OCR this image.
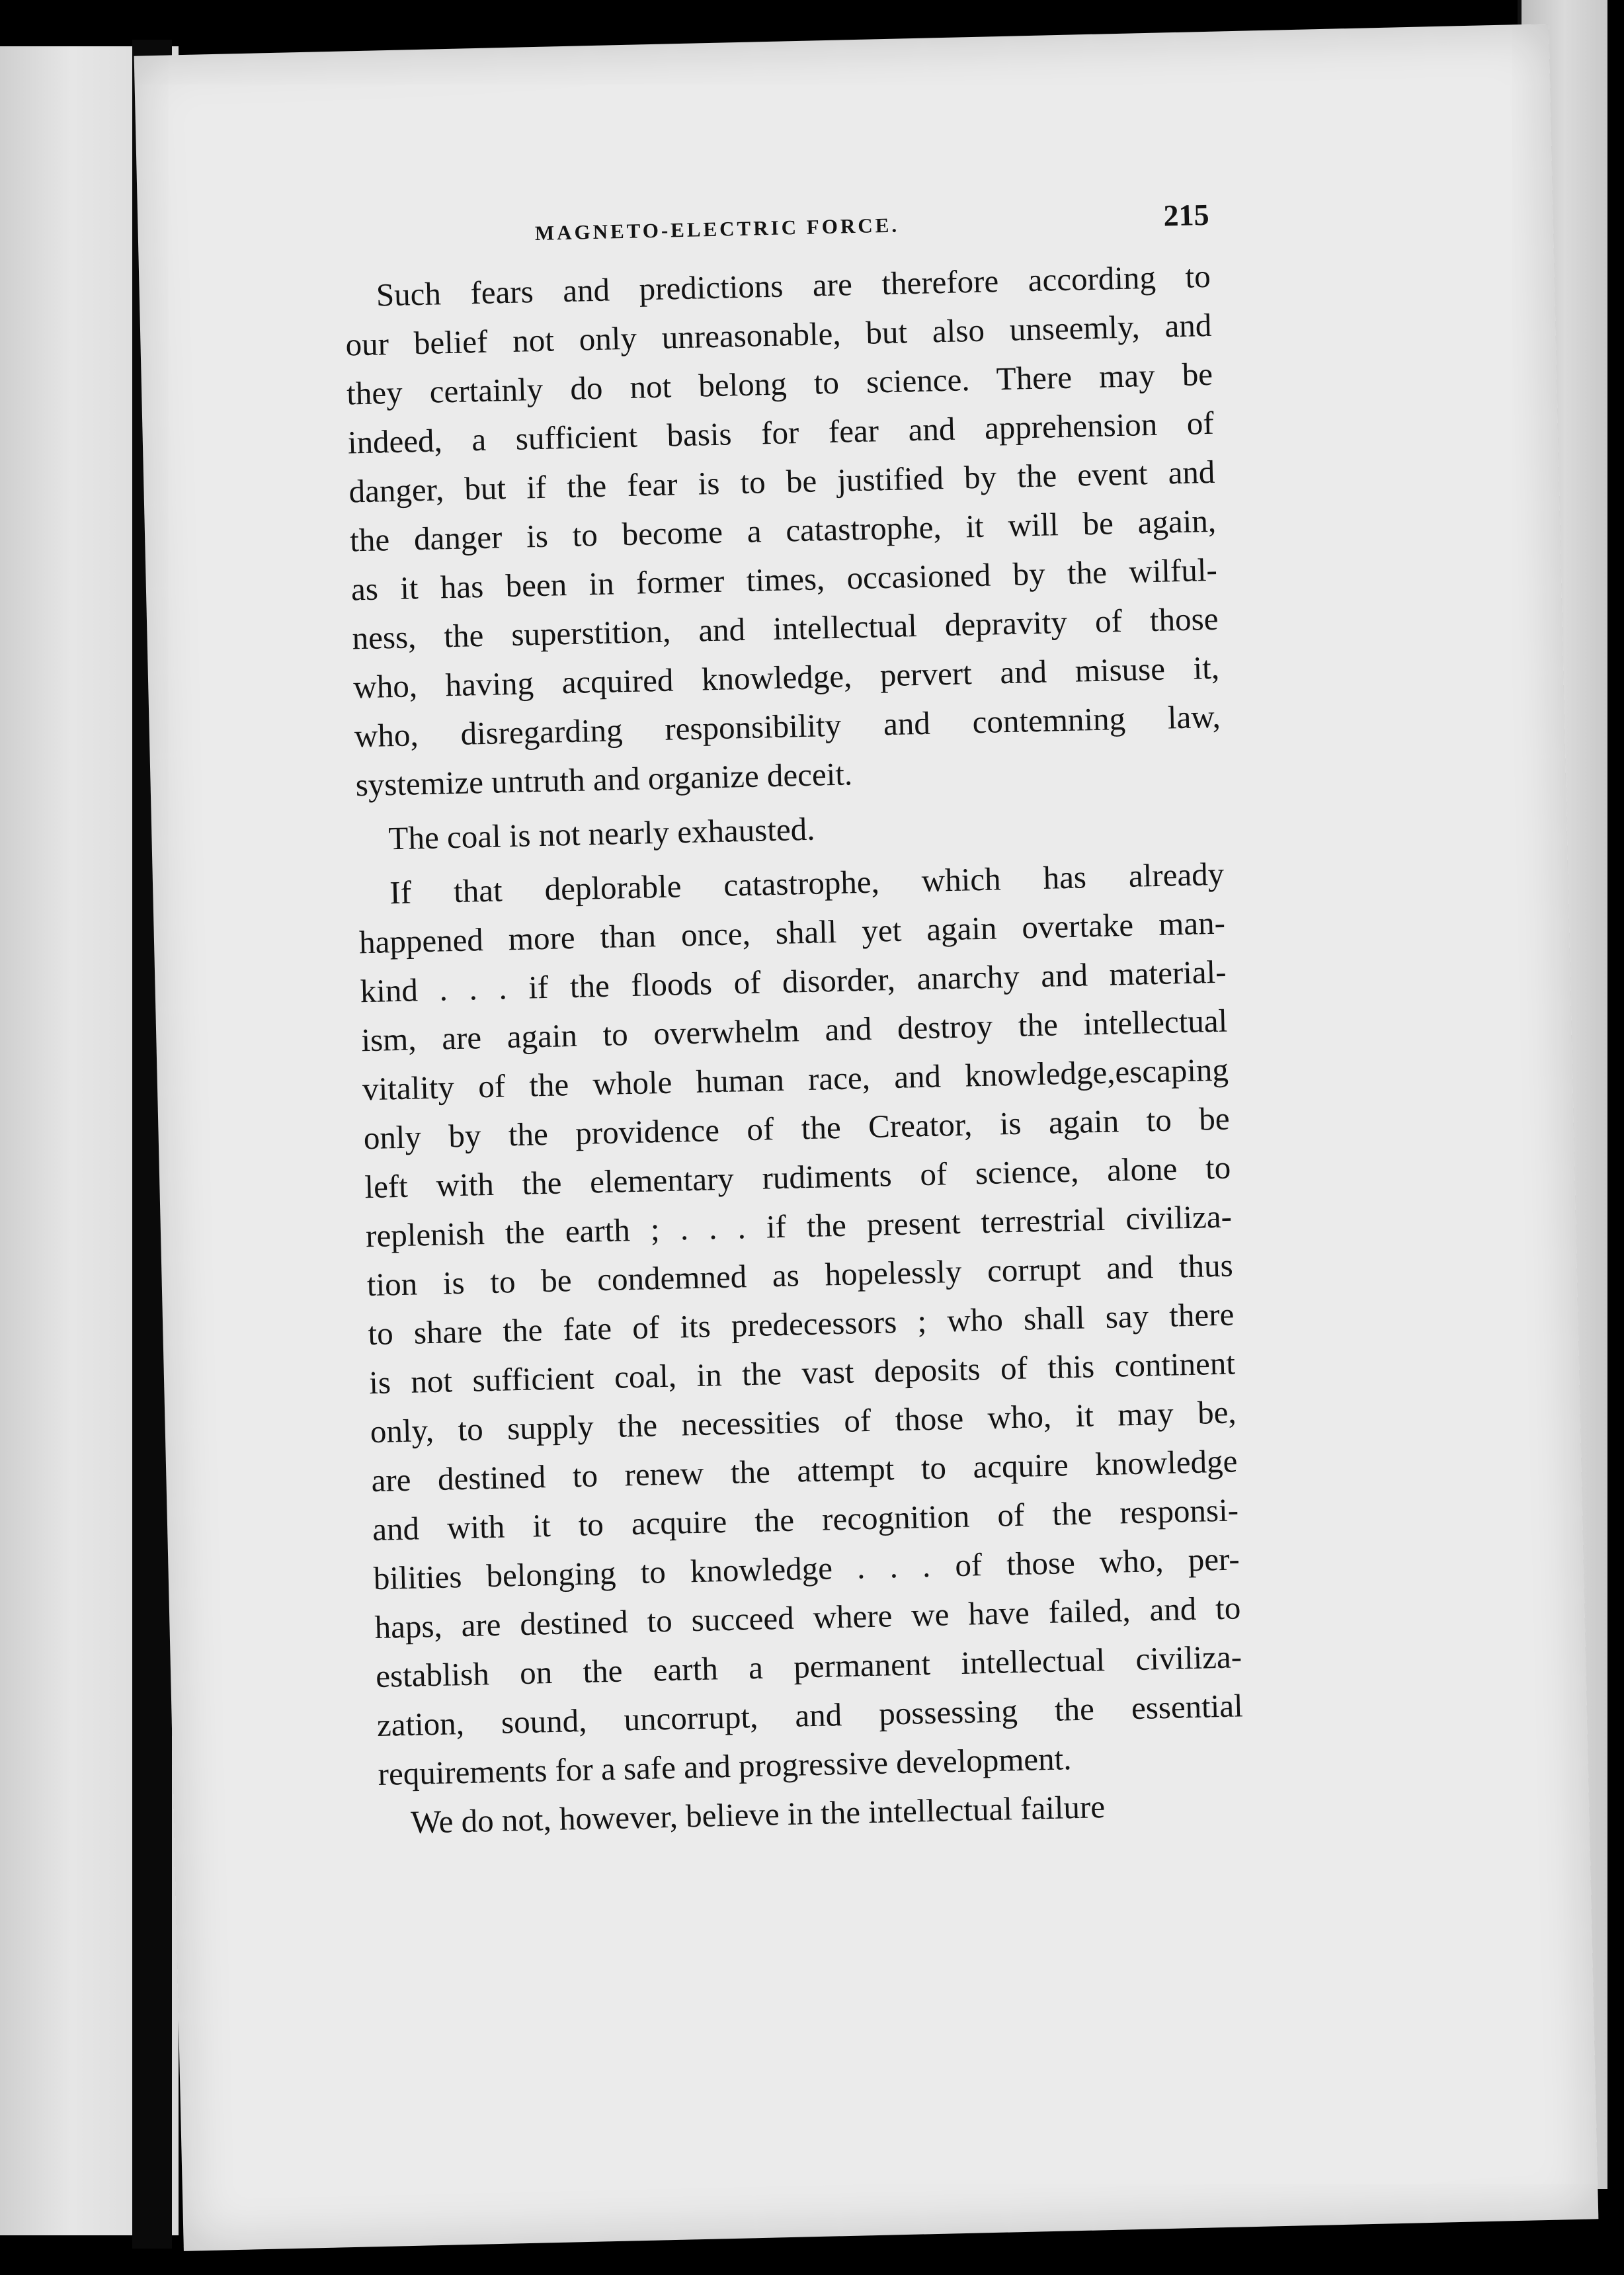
MAGNETO-ELECTRIC FORCE.	215
Such fears and predictions are therefore according to
our belief not only unreasonable, but also unseemly, and
they certainly do not belong to science. There may be
indeed, a sufficient basis for fear and apprehension of
danger, but if the fear is to be justified by the event and
the danger is to become a catastrophe, it will be again,
as it has been in former times, occasioned by the wilful-
ness, the superstition, and intellectual depravity of those
who, having acquired knowledge, pervert and misuse it,
who, disregarding responsibility and contemning law,
systemize untruth and organize deceit.
The coal is not nearly exhausted.
If that deplorable catastrophe, which has already
happened more than once, shall yet again overtake man-
kind . . . if the floods of disorder, anarchy and material-
ism, are again to overwhelm and destroy the intellectual
vitality of the whole human race, and knowledge,escaping
only by the providence of the Creator, is again to be
left with the elementary rudiments of science, alone to
replenish the earth ; . . . if the present terrestrial civiliza-
tion is to be condemned as hopelessly corrupt and thus
to share the fate of its predecessors ; who shall say there
is not sufficient coal, in the vast deposits of this continent
only, to supply the necessities of those who, it may be,
are destined to renew the attempt to acquire knowledge
and with it to acquire the recognition of the responsi-
bilities belonging to knowledge . . . of those who, per-
haps, are destined to succeed where we have failed, and to
establish on the earth a permanent intellectual civiliza-
zation, sound, uncorrupt, and possessing the essential
requirements for a safe and progressive development.
We do not, however, believe in the intellectual failure
